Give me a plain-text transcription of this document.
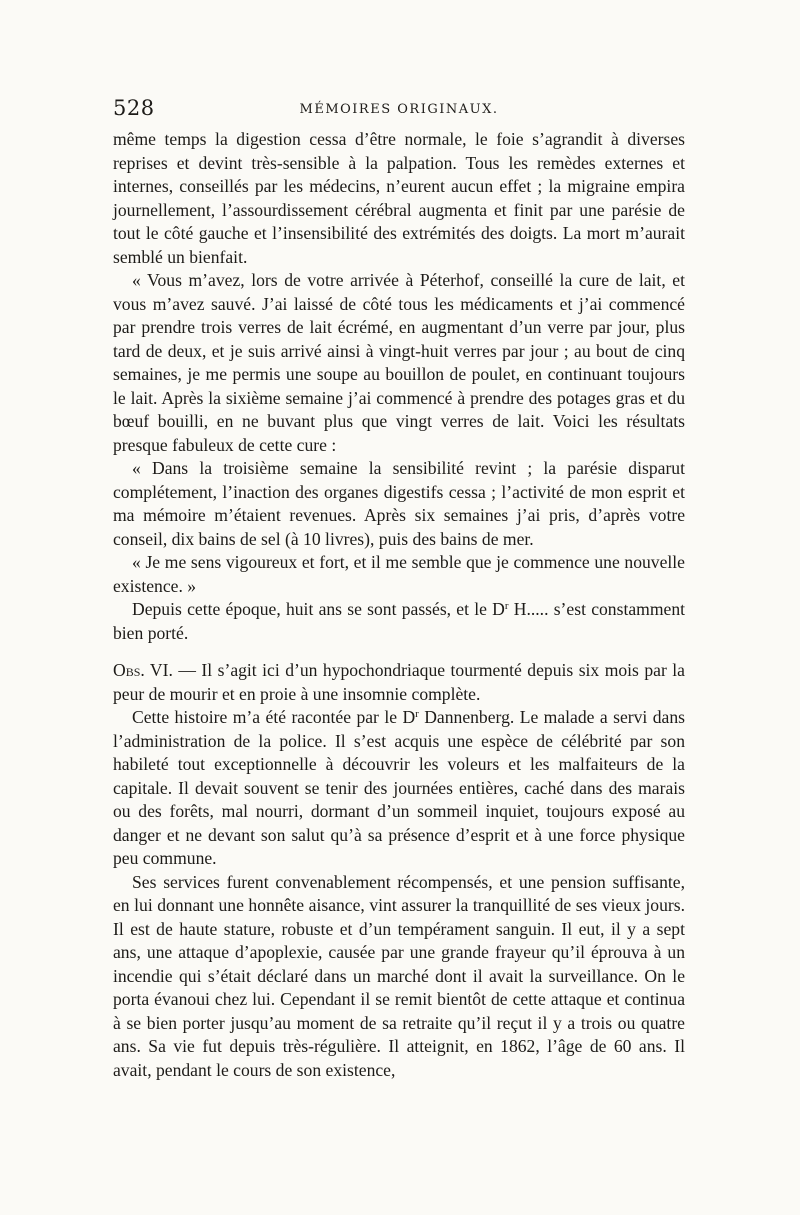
528	MÉMOIRES ORIGINAUX.

même temps la digestion cessa d’être normale, le foie s’agrandit à diverses reprises et devint très-sensible à la palpation. Tous les remèdes externes et internes, conseillés par les médecins, n’eurent aucun effet ; la migraine empira journellement, l’assourdissement cérébral augmenta et finit par une parésie de tout le côté gauche et l’insensibilité des extrémités des doigts. La mort m’aurait semblé un bienfait.

« Vous m’avez, lors de votre arrivée à Péterhof, conseillé la cure de lait, et vous m’avez sauvé. J’ai laissé de côté tous les médicaments et j’ai commencé par prendre trois verres de lait écrémé, en augmentant d’un verre par jour, plus tard de deux, et je suis arrivé ainsi à vingt-huit verres par jour ; au bout de cinq semaines, je me permis une soupe au bouillon de poulet, en continuant toujours le lait. Après la sixième semaine j’ai commencé à prendre des potages gras et du bœuf bouilli, en ne buvant plus que vingt verres de lait. Voici les résultats presque fabuleux de cette cure :

« Dans la troisième semaine la sensibilité revint ; la parésie disparut complétement, l’inaction des organes digestifs cessa ; l’activité de mon esprit et ma mémoire m’étaient revenues. Après six semaines j’ai pris, d’après votre conseil, dix bains de sel (à 10 livres), puis des bains de mer.

« Je me sens vigoureux et fort, et il me semble que je commence une nouvelle existence. »

Depuis cette époque, huit ans se sont passés, et le $D^r$ H..... s’est constamment bien porté.

Obs. VI. — Il s’agit ici d’un hypochondriaque tourmenté depuis six mois par la peur de mourir et en proie à une insomnie complète.

Cette histoire m’a été racontée par le $D^r$ Dannenberg. Le malade a servi dans l’administration de la police. Il s’est acquis une espèce de célébrité par son habileté tout exceptionnelle à découvrir les voleurs et les malfaiteurs de la capitale. Il devait souvent se tenir des journées entières, caché dans des marais ou des forêts, mal nourri, dormant d’un sommeil inquiet, toujours exposé au danger et ne devant son salut qu’à sa présence d’esprit et à une force physique peu commune.

Ses services furent convenablement récompensés, et une pension suffisante, en lui donnant une honnête aisance, vint assurer la tranquillité de ses vieux jours. Il est de haute stature, robuste et d’un tempérament sanguin. Il eut, il y a sept ans, une attaque d’apoplexie, causée par une grande frayeur qu’il éprouva à un incendie qui s’était déclaré dans un marché dont il avait la surveillance. On le porta évanoui chez lui. Cependant il se remit bientôt de cette attaque et continua à se bien porter jusqu’au moment de sa retraite qu’il reçut il y a trois ou quatre ans. Sa vie fut depuis très-régulière. Il atteignit, en 1862, l’âge de 60 ans. Il avait, pendant le cours de son existence,
